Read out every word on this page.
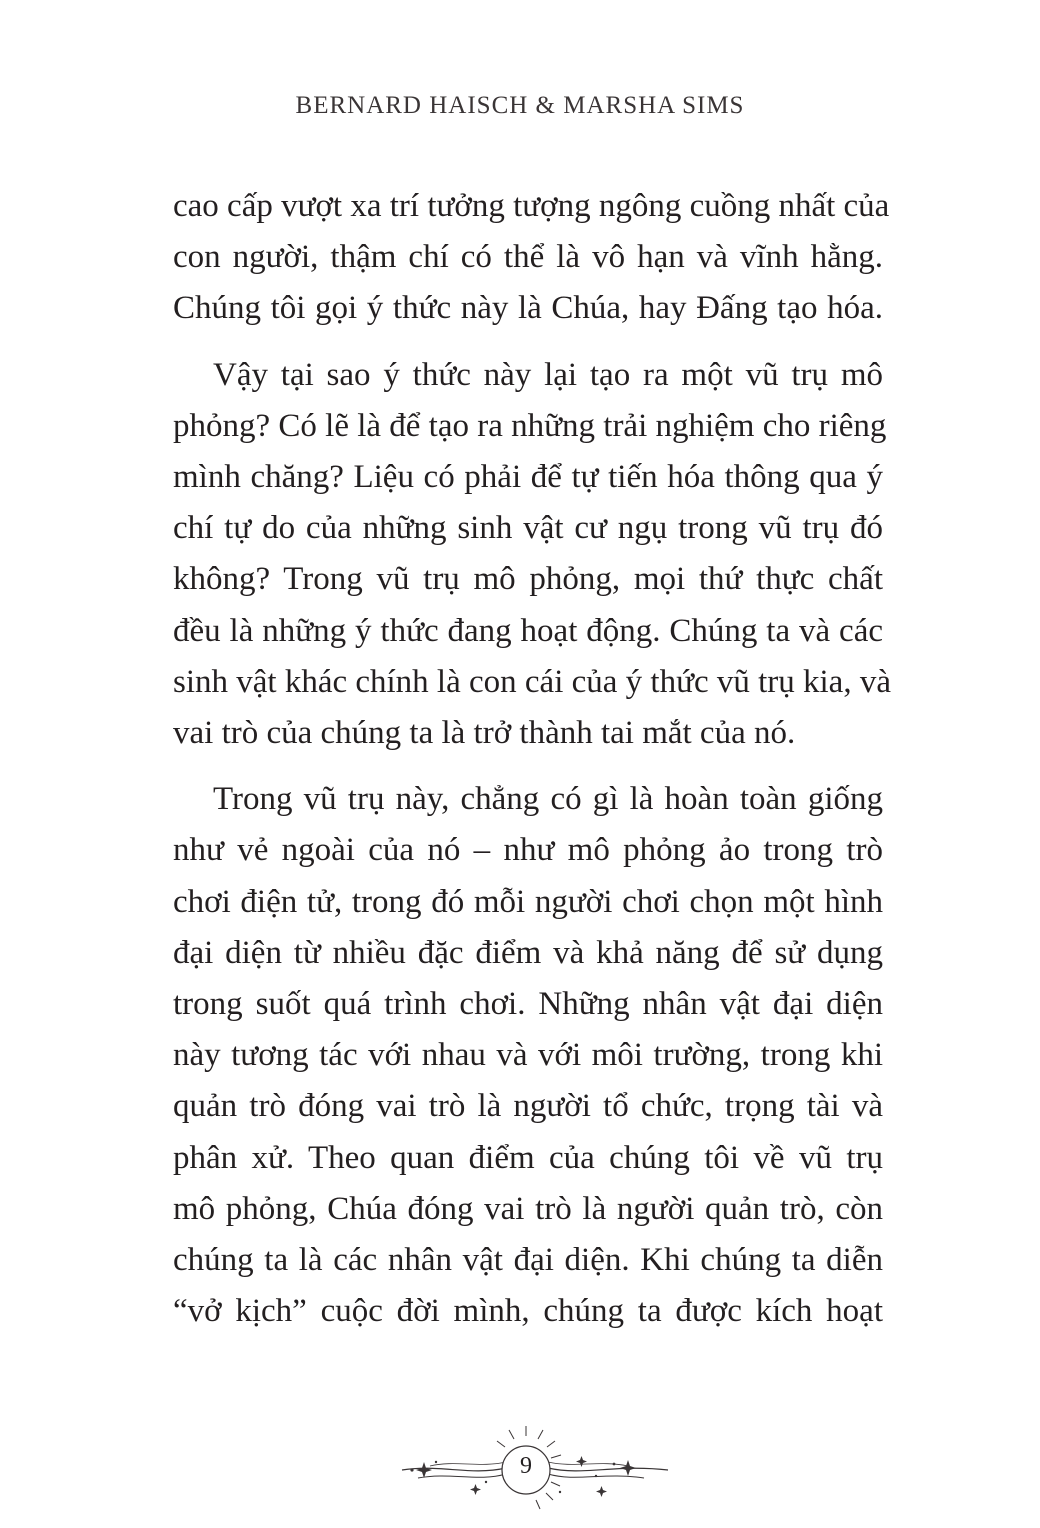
BERNARD HAISCH & MARSHA SIMS

cao cấp vượt xa trí tưởng tượng ngông cuồng nhất của
con người, thậm chí có thể là vô hạn và vĩnh hằng.
Chúng tôi gọi ý thức này là Chúa, hay Đấng tạo hóa.

Vậy tại sao ý thức này lại tạo ra một vũ trụ mô
phỏng? Có lẽ là để tạo ra những trải nghiệm cho riêng
mình chăng? Liệu có phải để tự tiến hóa thông qua ý
chí tự do của những sinh vật cư ngụ trong vũ trụ đó
không? Trong vũ trụ mô phỏng, mọi thứ thực chất
đều là những ý thức đang hoạt động. Chúng ta và các
sinh vật khác chính là con cái của ý thức vũ trụ kia, và
vai trò của chúng ta là trở thành tai mắt của nó.

Trong vũ trụ này, chẳng có gì là hoàn toàn giống
như vẻ ngoài của nó – như mô phỏng ảo trong trò
chơi điện tử, trong đó mỗi người chơi chọn một hình
đại diện từ nhiều đặc điểm và khả năng để sử dụng
trong suốt quá trình chơi. Những nhân vật đại diện
này tương tác với nhau và với môi trường, trong khi
quản trò đóng vai trò là người tổ chức, trọng tài và
phân xử. Theo quan điểm của chúng tôi về vũ trụ
mô phỏng, Chúa đóng vai trò là người quản trò, còn
chúng ta là các nhân vật đại diện. Khi chúng ta diễn
“vở kịch” cuộc đời mình, chúng ta được kích hoạt

9
